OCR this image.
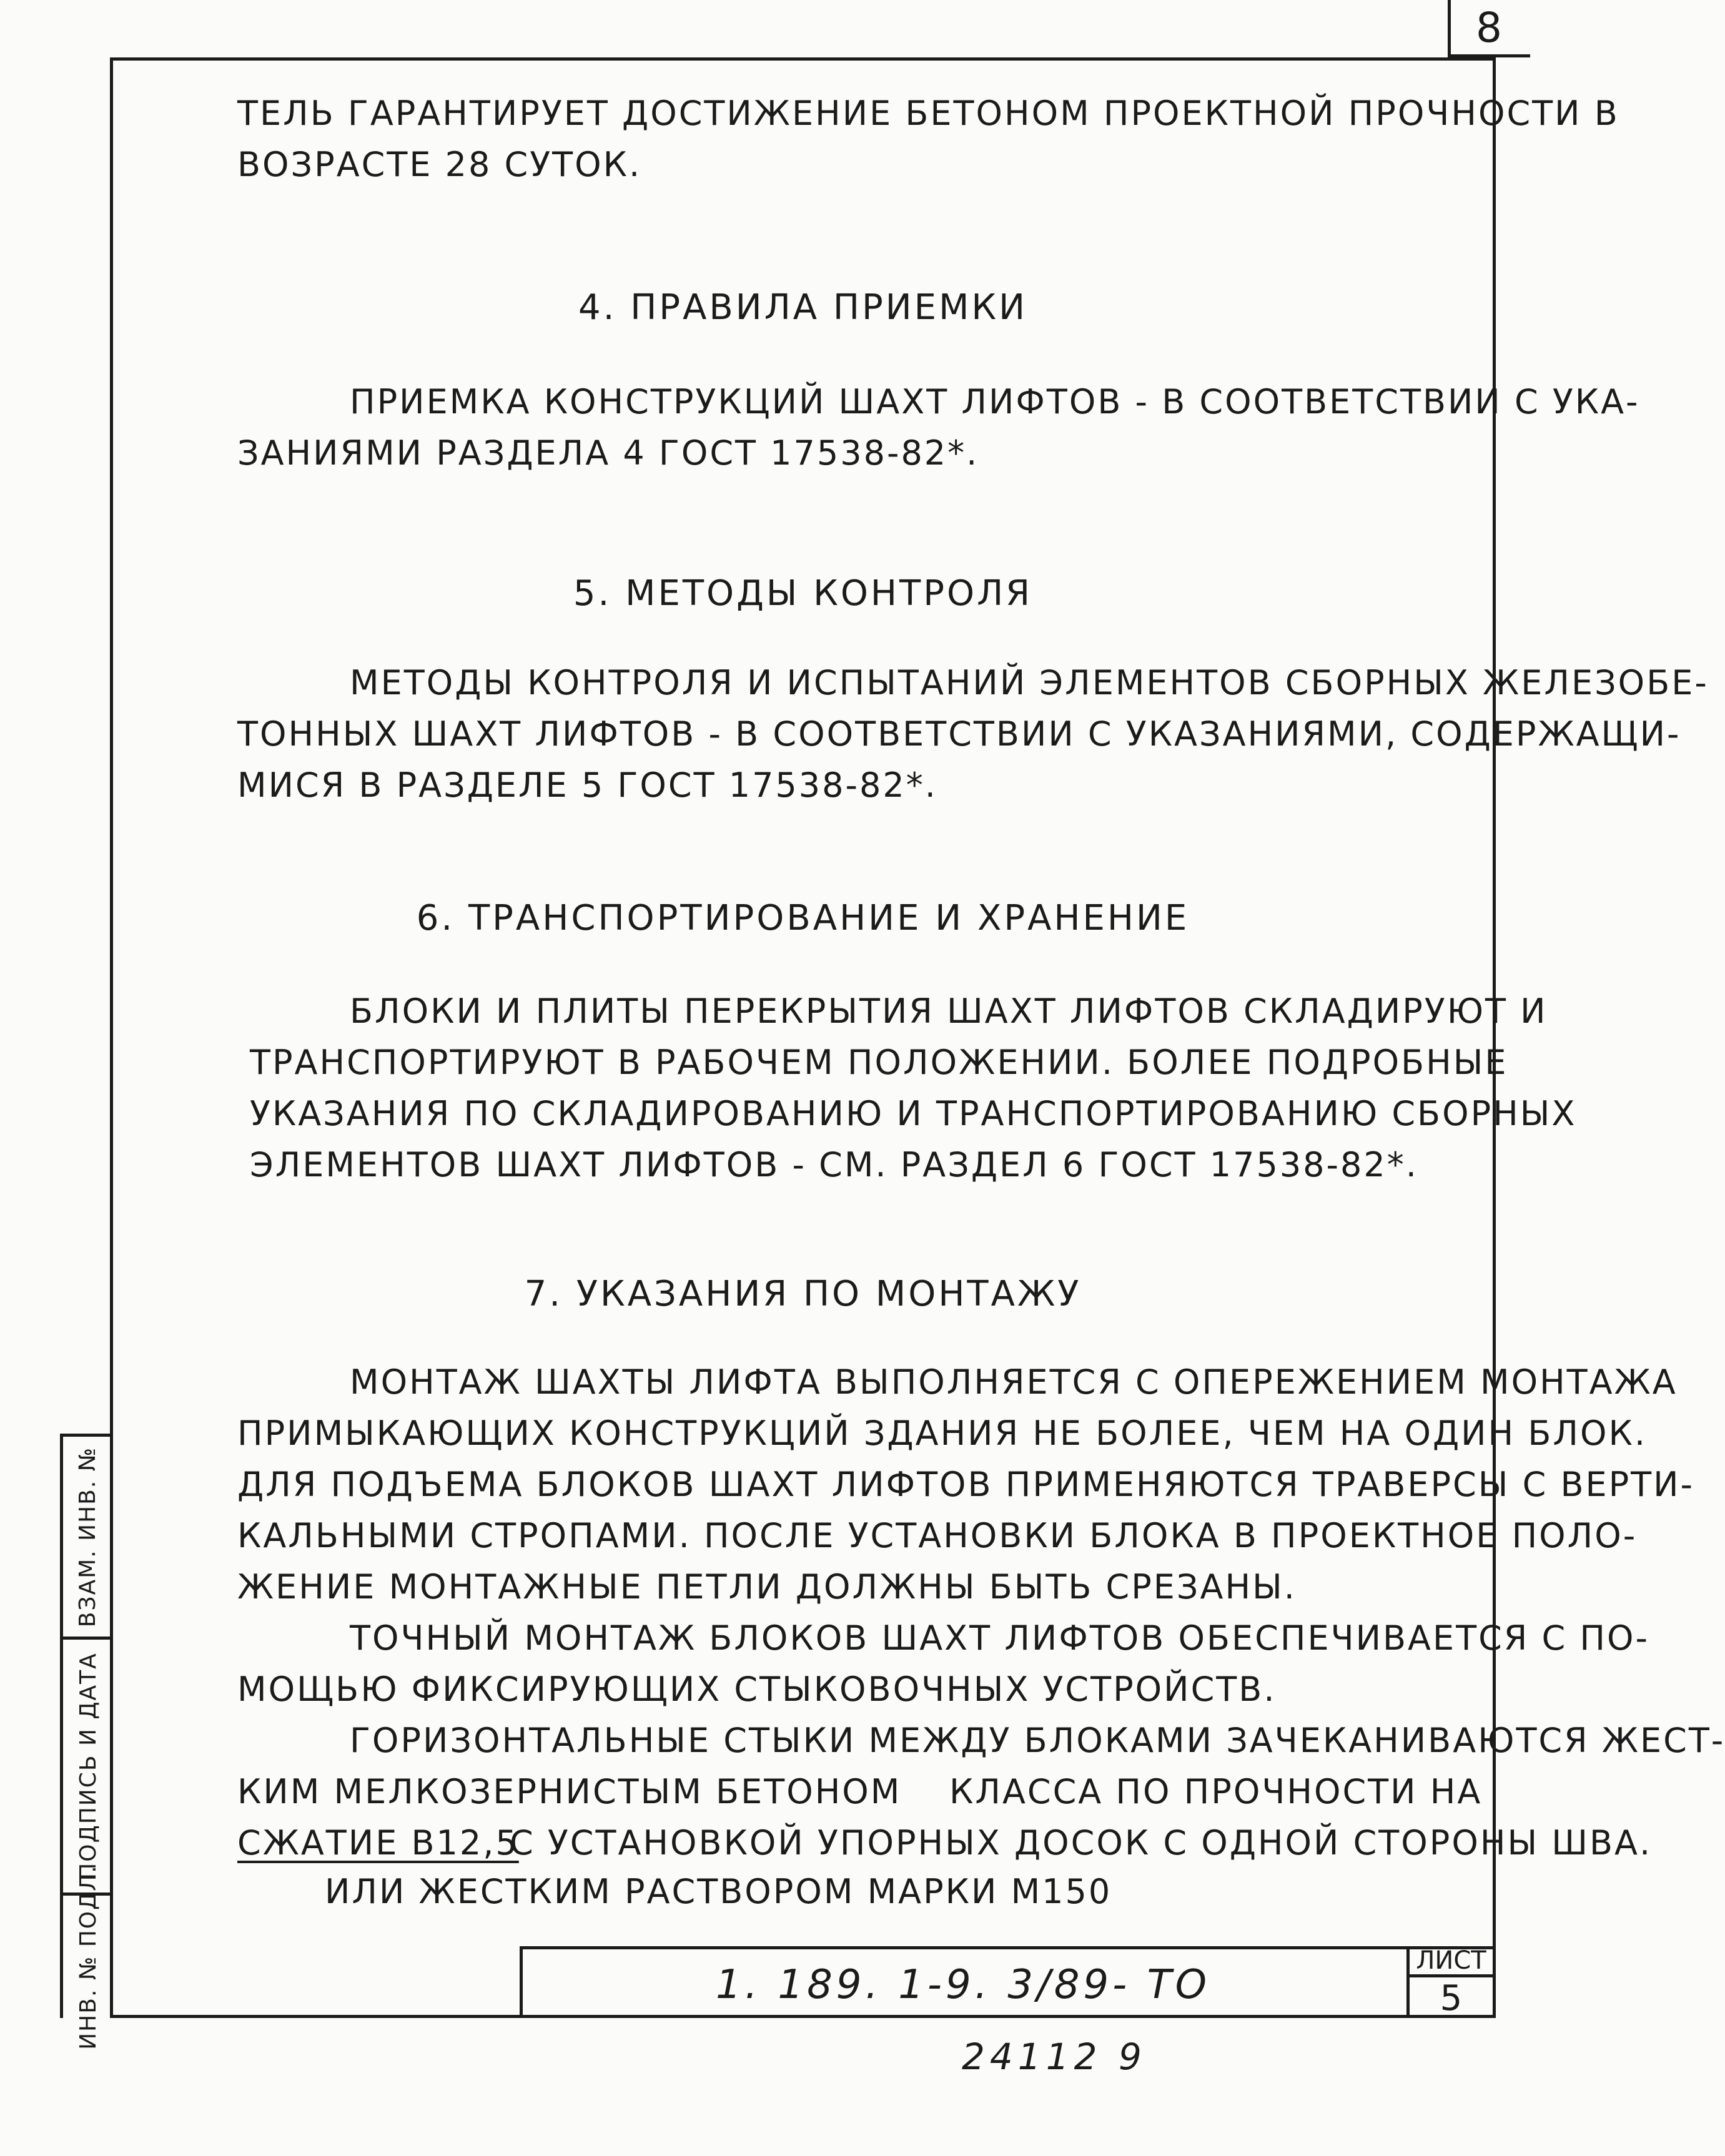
8
ТЕЛЬ ГАРАНТИРУЕТ ДОСТИЖЕНИЕ БЕТОНОМ ПРОЕКТНОЙ ПРОЧНОСТИ В
ВОЗРАСТЕ 28 СУТОК.
4. ПРАВИЛА ПРИЕМКИ
ПРИЕМКА КОНСТРУКЦИЙ ШАХТ ЛИФТОВ - В СООТВЕТСТВИИ С УКА-
ЗАНИЯМИ РАЗДЕЛА 4 ГОСТ 17538-82*.
5. МЕТОДЫ КОНТРОЛЯ
МЕТОДЫ КОНТРОЛЯ И ИСПЫТАНИЙ ЭЛЕМЕНТОВ СБОРНЫХ ЖЕЛЕЗОБЕ-
ТОННЫХ ШАХТ ЛИФТОВ - В СООТВЕТСТВИИ С УКАЗАНИЯМИ, СОДЕРЖАЩИ-
МИСЯ В РАЗДЕЛЕ 5 ГОСТ 17538-82*.
6. ТРАНСПОРТИРОВАНИЕ И ХРАНЕНИЕ
БЛОКИ И ПЛИТЫ ПЕРЕКРЫТИЯ ШАХТ ЛИФТОВ СКЛАДИРУЮТ И
ТРАНСПОРТИРУЮТ В РАБОЧЕМ ПОЛОЖЕНИИ. БОЛЕЕ ПОДРОБНЫЕ
УКАЗАНИЯ ПО СКЛАДИРОВАНИЮ И ТРАНСПОРТИРОВАНИЮ СБОРНЫХ
ЭЛЕМЕНТОВ ШАХТ ЛИФТОВ - СМ. РАЗДЕЛ 6 ГОСТ 17538-82*.
7. УКАЗАНИЯ ПО МОНТАЖУ
МОНТАЖ ШАХТЫ ЛИФТА ВЫПОЛНЯЕТСЯ С ОПЕРЕЖЕНИЕМ МОНТАЖА
ПРИМЫКАЮЩИХ КОНСТРУКЦИЙ ЗДАНИЯ НЕ БОЛЕЕ, ЧЕМ НА ОДИН БЛОК.
ДЛЯ ПОДЪЕМА БЛОКОВ ШАХТ ЛИФТОВ ПРИМЕНЯЮТСЯ ТРАВЕРСЫ С ВЕРТИ-
КАЛЬНЫМИ СТРОПАМИ. ПОСЛЕ УСТАНОВКИ БЛОКА В ПРОЕКТНОЕ ПОЛО-
ЖЕНИЕ МОНТАЖНЫЕ ПЕТЛИ ДОЛЖНЫ БЫТЬ СРЕЗАНЫ.
ТОЧНЫЙ МОНТАЖ БЛОКОВ ШАХТ ЛИФТОВ ОБЕСПЕЧИВАЕТСЯ С ПО-
МОЩЬЮ ФИКСИРУЮЩИХ СТЫКОВОЧНЫХ УСТРОЙСТВ.
ГОРИЗОНТАЛЬНЫЕ СТЫКИ МЕЖДУ БЛОКАМИ ЗАЧЕКАНИВАЮТСЯ ЖЕСТ-
КИМ МЕЛКОЗЕРНИСТЫМ БЕТОНОМ КЛАССА ПО ПРОЧНОСТИ НА
СЖАТИЕ В12,5
С УСТАНОВКОЙ УПОРНЫХ ДОСОК С ОДНОЙ СТОРОНЫ ШВА.
ИЛИ ЖЕСТКИМ РАСТВОРОМ МАРКИ М150
ВЗАМ. ИНВ. №
ПОДПИСЬ И ДАТА
ИНВ. № ПОДЛ.	1. 189. 1-9. 3/89- ТО
ЛИСТ
5
24112 9
